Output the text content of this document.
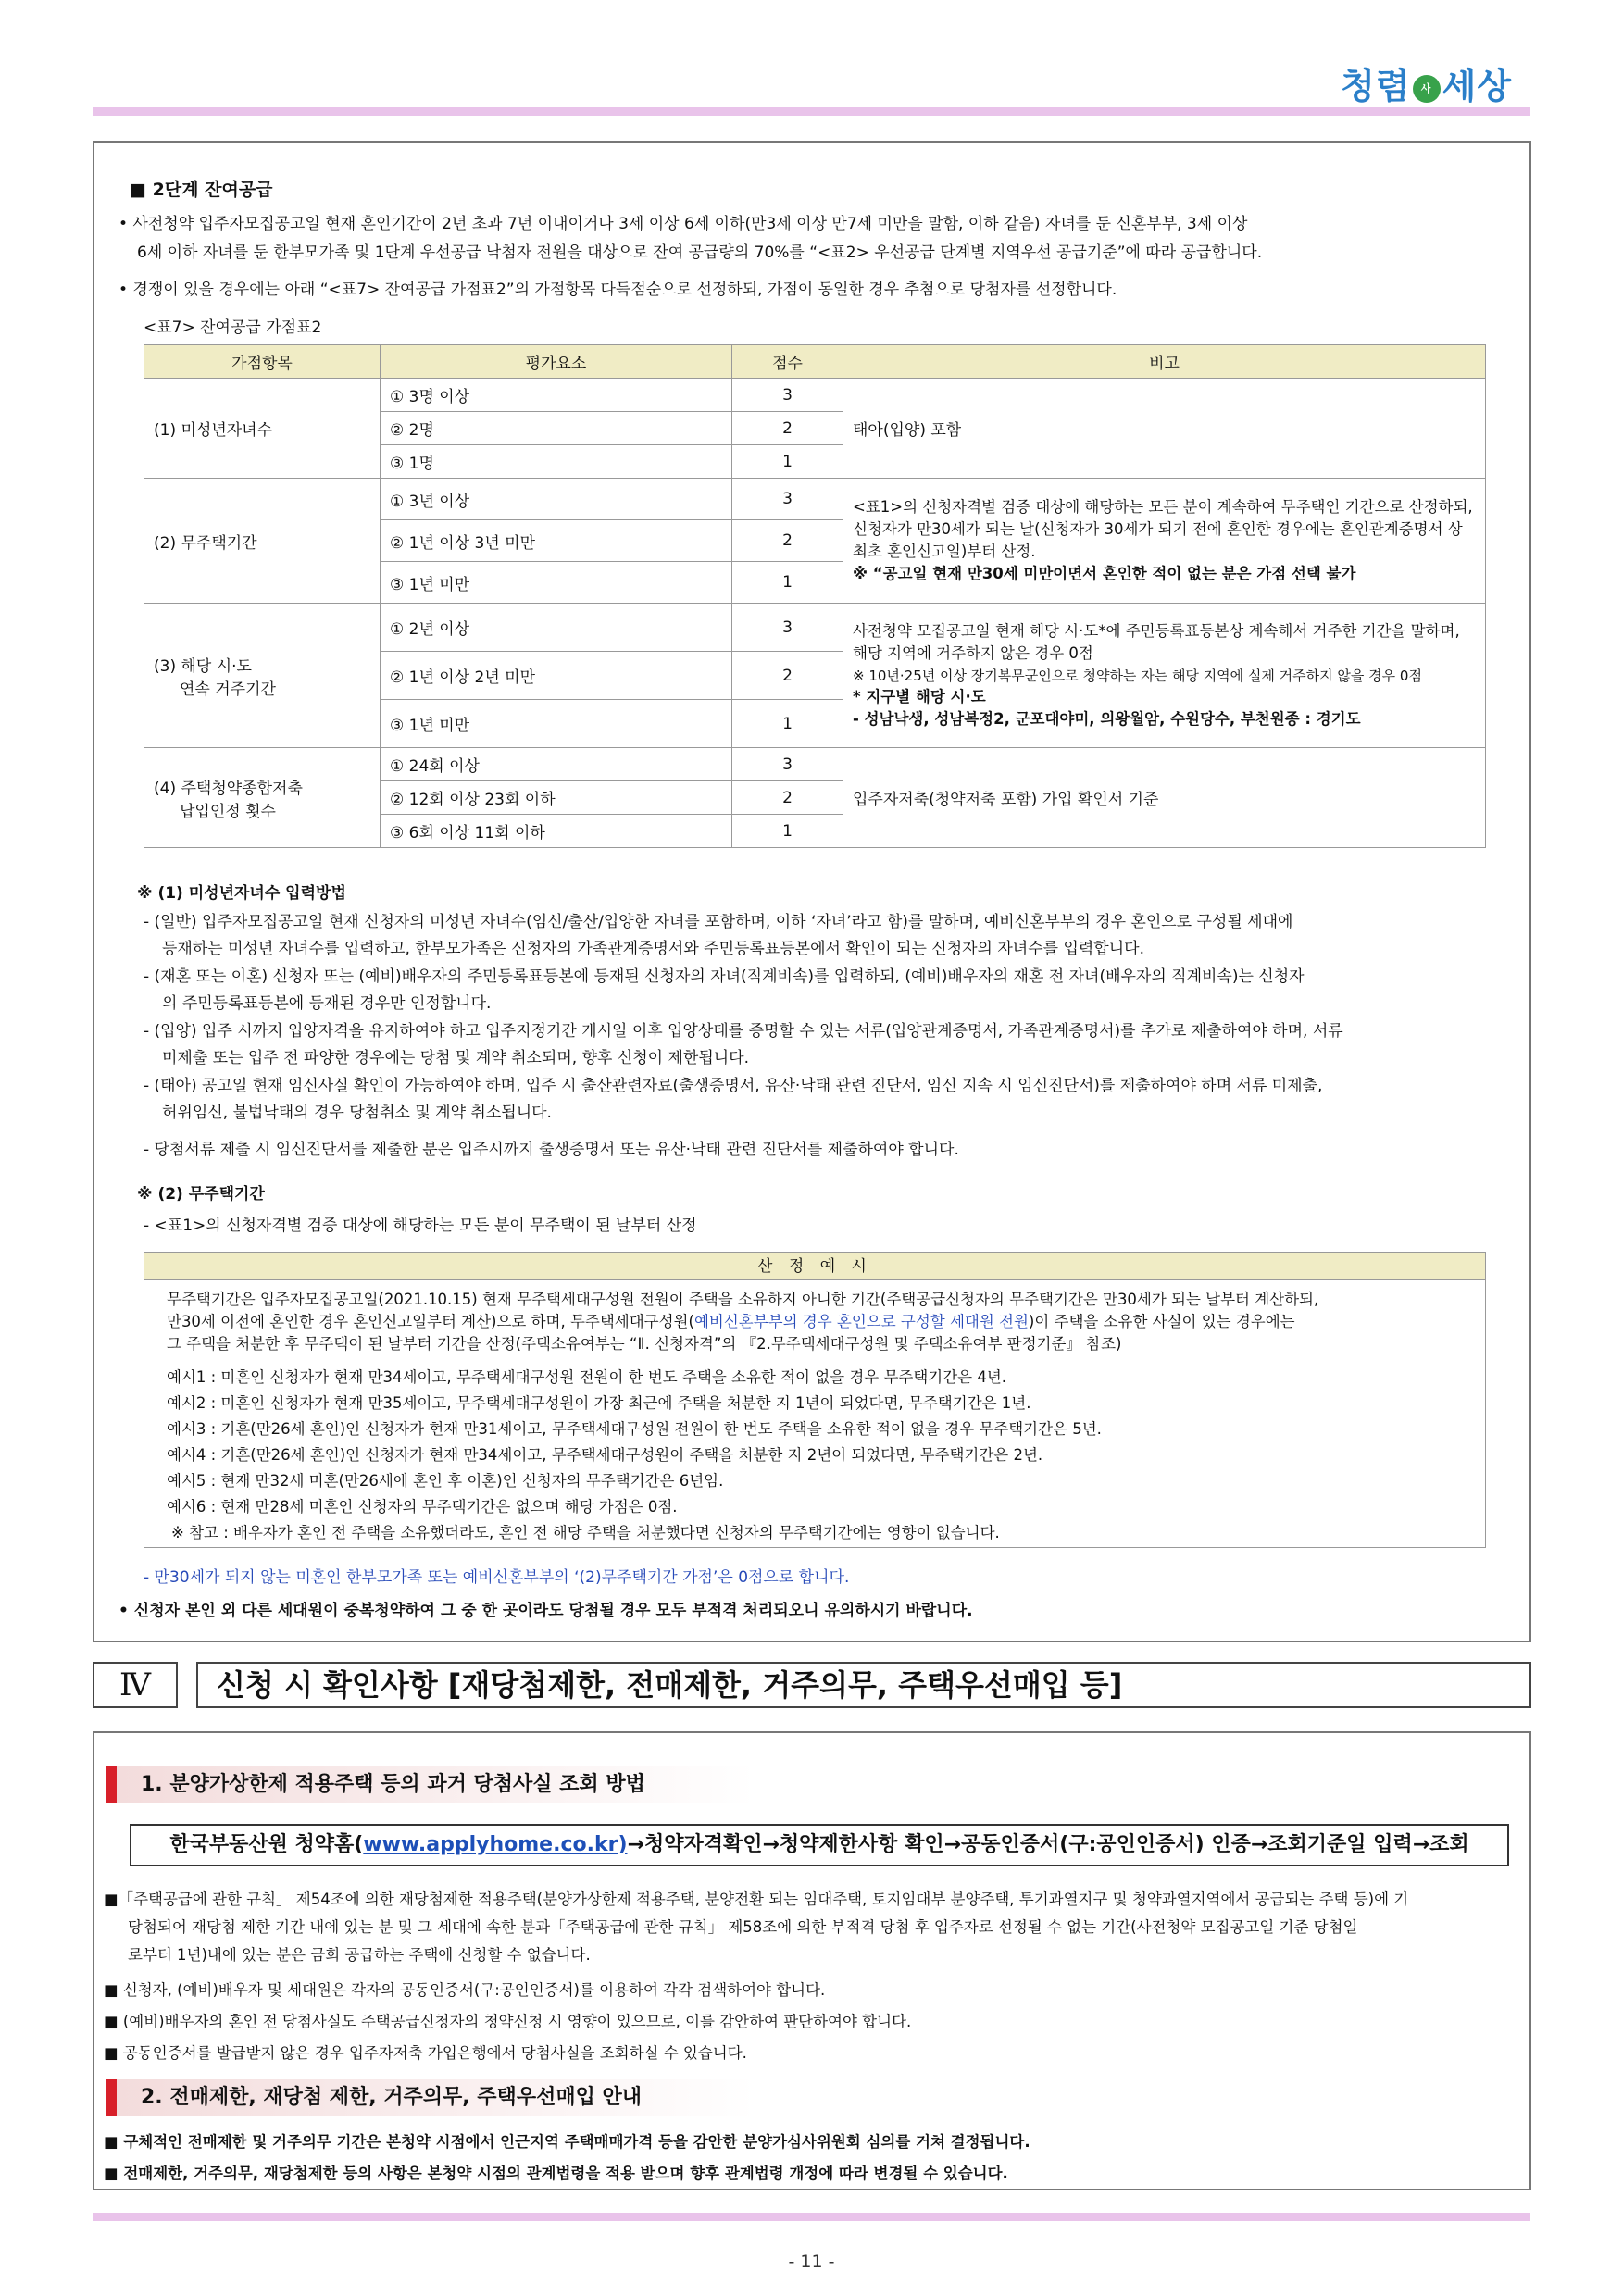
청렴 사 세상
■ 2단계 잔여공급
• 사전청약 입주자모집공고일 현재 혼인기간이 2년 초과 7년 이내이거나 3세 이상 6세 이하(만3세 이상 만7세 미만을 말함, 이하 같음) 자녀를 둔 신혼부부, 3세 이상
6세 이하 자녀를 둔 한부모가족 및 1단계 우선공급 낙첨자 전원을 대상으로 잔여 공급량의 70%를 “<표2> 우선공급 단계별 지역우선 공급기준”에 따라 공급합니다.
• 경쟁이 있을 경우에는 아래 “<표7> 잔여공급 가점표2”의 가점항목 다득점순으로 선정하되, 가점이 동일한 경우 추첨으로 당첨자를 선정합니다.
<표7> 잔여공급 가점표2
가점항목	평가요소	점수	비고
(1) 미성년자녀수	① 3명 이상	3	태아(입양) 포함
	② 2명	2	
	③ 1명	1	
(2) 무주택기간	① 3년 이상	3	<표1>의 신청자격별 검증 대상에 해당하는 모든 분이 계속하여 무주택인 기간으로 산정하되, 신청자가 만30세가 되는 날(신청자가 30세가 되기 전에 혼인한 경우에는 혼인관계증명서 상 최초 혼인신고일)부터 산정.
※ “공고일 현재 만30세 미만이면서 혼인한 적이 없는 분은 가점 선택 불가
	② 1년 이상 3년 미만	2	
	③ 1년 미만	1	
(3) 해당 시·도
연속 거주기간	① 2년 이상	3	사전청약 모집공고일 현재 해당 시·도*에 주민등록표등본상 계속해서 거주한 기간을 말하며, 해당 지역에 거주하지 않은 경우 0점
※ 10년·25년 이상 장기복무군인으로 청약하는 자는 해당 지역에 실제 거주하지 않을 경우 0점
* 지구별 해당 시·도
- 성남낙생, 성남복정2, 군포대야미, 의왕월암, 수원당수, 부천원종 : 경기도
	② 1년 이상 2년 미만	2	
	③ 1년 미만	1	
(4) 주택청약종합저축
납입인정 횟수	① 24회 이상	3	입주자저축(청약저축 포함) 가입 확인서 기준
	② 12회 이상 23회 이하	2	
	③ 6회 이상 11회 이하	1	
※ (1) 미성년자녀수 입력방법
- (일반) 입주자모집공고일 현재 신청자의 미성년 자녀수(임신/출산/입양한 자녀를 포함하며, 이하 ‘자녀’라고 함)를 말하며, 예비신혼부부의 경우 혼인으로 구성될 세대에
등재하는 미성년 자녀수를 입력하고, 한부모가족은 신청자의 가족관계증명서와 주민등록표등본에서 확인이 되는 신청자의 자녀수를 입력합니다.
- (재혼 또는 이혼) 신청자 또는 (예비)배우자의 주민등록표등본에 등재된 신청자의 자녀(직계비속)를 입력하되, (예비)배우자의 재혼 전 자녀(배우자의 직계비속)는 신청자
의 주민등록표등본에 등재된 경우만 인정합니다.
- (입양) 입주 시까지 입양자격을 유지하여야 하고 입주지정기간 개시일 이후 입양상태를 증명할 수 있는 서류(입양관계증명서, 가족관계증명서)를 추가로 제출하여야 하며, 서류
미제출 또는 입주 전 파양한 경우에는 당첨 및 계약 취소되며, 향후 신청이 제한됩니다.
- (태아) 공고일 현재 임신사실 확인이 가능하여야 하며, 입주 시 출산관련자료(출생증명서, 유산·낙태 관련 진단서, 임신 지속 시 임신진단서)를 제출하여야 하며 서류 미제출,
허위임신, 불법낙태의 경우 당첨취소 및 계약 취소됩니다.
- 당첨서류 제출 시 임신진단서를 제출한 분은 입주시까지 출생증명서 또는 유산·낙태 관련 진단서를 제출하여야 합니다.
※ (2) 무주택기간
- <표1>의 신청자격별 검증 대상에 해당하는 모든 분이 무주택이 된 날부터 산정
산 정 예 시
무주택기간은 입주자모집공고일(2021.10.15) 현재 무주택세대구성원 전원이 주택을 소유하지 아니한 기간(주택공급신청자의 무주택기간은 만30세가 되는 날부터 계산하되,
만30세 이전에 혼인한 경우 혼인신고일부터 계산)으로 하며, 무주택세대구성원(예비신혼부부의 경우 혼인으로 구성할 세대원 전원)이 주택을 소유한 사실이 있는 경우에는
그 주택을 처분한 후 무주택이 된 날부터 기간을 산정(주택소유여부는 “Ⅱ. 신청자격”의 『2.무주택세대구성원 및 주택소유여부 판정기준』 참조)
예시1 : 미혼인 신청자가 현재 만34세이고, 무주택세대구성원 전원이 한 번도 주택을 소유한 적이 없을 경우 무주택기간은 4년.
예시2 : 미혼인 신청자가 현재 만35세이고, 무주택세대구성원이 가장 최근에 주택을 처분한 지 1년이 되었다면, 무주택기간은 1년.
예시3 : 기혼(만26세 혼인)인 신청자가 현재 만31세이고, 무주택세대구성원 전원이 한 번도 주택을 소유한 적이 없을 경우 무주택기간은 5년.
예시4 : 기혼(만26세 혼인)인 신청자가 현재 만34세이고, 무주택세대구성원이 주택을 처분한 지 2년이 되었다면, 무주택기간은 2년.
예시5 : 현재 만32세 미혼(만26세에 혼인 후 이혼)인 신청자의 무주택기간은 6년임.
예시6 : 현재 만28세 미혼인 신청자의 무주택기간은 없으며 해당 가점은 0점.
※ 참고 : 배우자가 혼인 전 주택을 소유했더라도, 혼인 전 해당 주택을 처분했다면 신청자의 무주택기간에는 영향이 없습니다.
- 만30세가 되지 않는 미혼인 한부모가족 또는 예비신혼부부의 ‘(2)무주택기간 가점’은 0점으로 합니다.
• 신청자 본인 외 다른 세대원이 중복청약하여 그 중 한 곳이라도 당첨될 경우 모두 부적격 처리되오니 유의하시기 바랍니다.
Ⅳ	신청 시 확인사항 [재당첨제한, 전매제한, 거주의무, 주택우선매입 등]
1. 분양가상한제 적용주택 등의 과거 당첨사실 조회 방법
한국부동산원 청약홈(www.applyhome.co.kr)→청약자격확인→청약제한사항 확인→공동인증서(구:공인인증서) 인증→조회기준일 입력→조회
■「주택공급에 관한 규칙」 제54조에 의한 재당첨제한 적용주택(분양가상한제 적용주택, 분양전환 되는 임대주택, 토지임대부 분양주택, 투기과열지구 및 청약과열지역에서 공급되는 주택 등)에 기
당첨되어 재당첨 제한 기간 내에 있는 분 및 그 세대에 속한 분과「주택공급에 관한 규칙」 제58조에 의한 부적격 당첨 후 입주자로 선정될 수 없는 기간(사전청약 모집공고일 기준 당첨일
로부터 1년)내에 있는 분은 금회 공급하는 주택에 신청할 수 없습니다.
■ 신청자, (예비)배우자 및 세대원은 각자의 공동인증서(구:공인인증서)를 이용하여 각각 검색하여야 합니다.
■ (예비)배우자의 혼인 전 당첨사실도 주택공급신청자의 청약신청 시 영향이 있으므로, 이를 감안하여 판단하여야 합니다.
■ 공동인증서를 발급받지 않은 경우 입주자저축 가입은행에서 당첨사실을 조회하실 수 있습니다.
2. 전매제한, 재당첨 제한, 거주의무, 주택우선매입 안내
■ 구체적인 전매제한 및 거주의무 기간은 본청약 시점에서 인근지역 주택매매가격 등을 감안한 분양가심사위원회 심의를 거쳐 결정됩니다.
■ 전매제한, 거주의무, 재당첨제한 등의 사항은 본청약 시점의 관계법령을 적용 받으며 향후 관계법령 개정에 따라 변경될 수 있습니다.
- 11 -
